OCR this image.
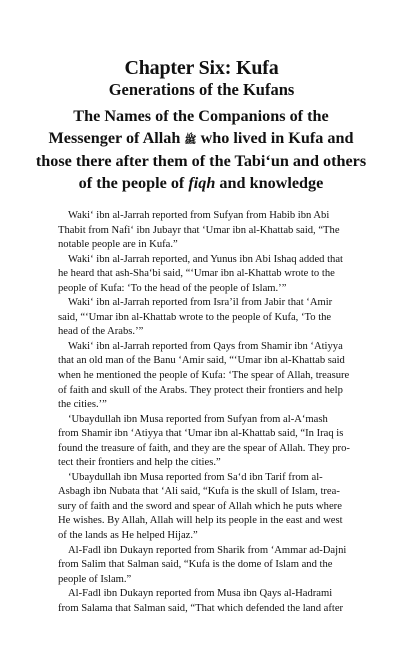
Chapter Six: Kufa
Generations of the Kufans
The Names of the Companions of the
Messenger of Allah ﷺ who lived in Kufa and
those there after them of the Tabi‘un and others
of the people of fiqh and knowledge
Waki‘ ibn al-Jarrah reported from Sufyan from Habib ibn Abi
Thabit from Nafi‘ ibn Jubayr that ‘Umar ibn al-Khattab said, “The
notable people are in Kufa.”
Waki‘ ibn al-Jarrah reported, and Yunus ibn Abi Ishaq added that
he heard that ash-Sha‘bi said, “‘Umar ibn al-Khattab wrote to the
people of Kufa: ‘To the head of the people of Islam.’”
Waki‘ ibn al-Jarrah reported from Isra’il from Jabir that ‘Amir
said, “‘Umar ibn al-Khattab wrote to the people of Kufa, ‘To the
head of the Arabs.’”
Waki‘ ibn al-Jarrah reported from Qays from Shamir ibn ‘Atiyya
that an old man of the Banu ‘Amir said, “‘Umar ibn al-Khattab said
when he mentioned the people of Kufa: ‘The spear of Allah, treasure
of faith and skull of the Arabs. They protect their frontiers and help
the cities.’”
‘Ubaydullah ibn Musa reported from Sufyan from al-A‘mash
from Shamir ibn ‘Atiyya that ‘Umar ibn al-Khattab said, “In Iraq is
found the treasure of faith, and they are the spear of Allah. They pro-
tect their frontiers and help the cities.”
‘Ubaydullah ibn Musa reported from Sa‘d ibn Tarif from al-
Asbagh ibn Nubata that ‘Ali said, “Kufa is the skull of Islam, trea-
sury of faith and the sword and spear of Allah which he puts where
He wishes. By Allah, Allah will help its people in the east and west
of the lands as He helped Hijaz.”
Al-Fadl ibn Dukayn reported from Sharik from ‘Ammar ad-Dajni
from Salim that Salman said, “Kufa is the dome of Islam and the
people of Islam.”
Al-Fadl ibn Dukayn reported from Musa ibn Qays al-Hadrami
from Salama that Salman said, “That which defended the land after
